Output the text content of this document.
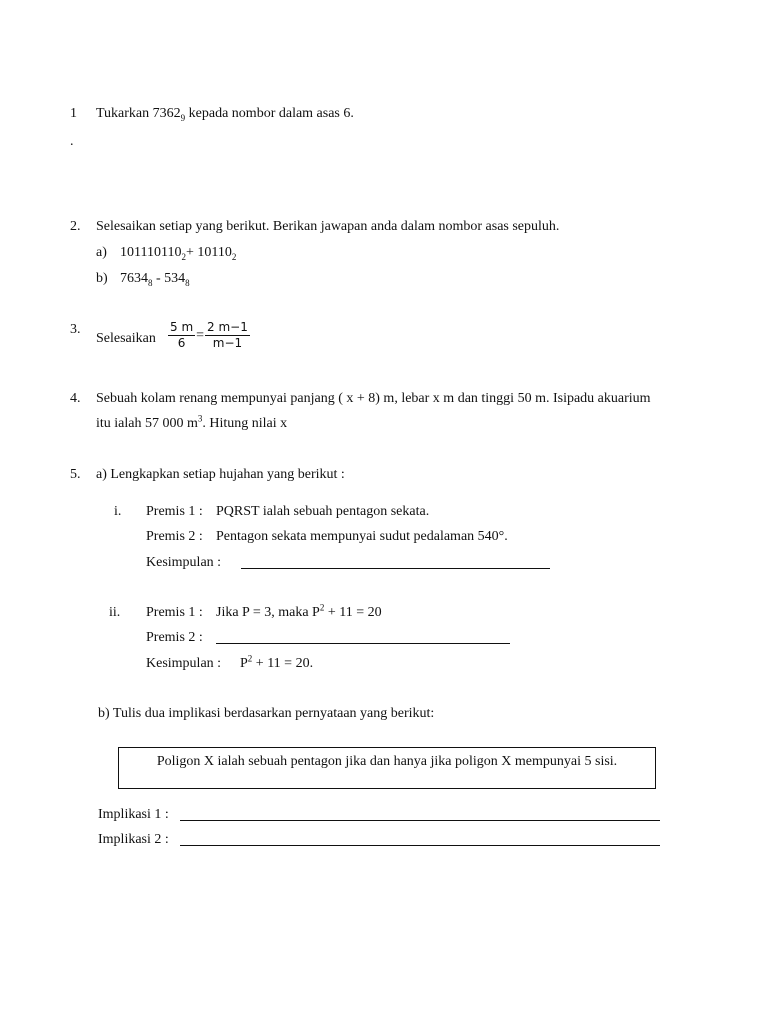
1 Tukarkan $7362_9$ kepada nombor dalam asas 6.
.
2. Selesaikan setiap yang berikut. Berikan jawapan anda dalam nombor asas sepuluh.
a) $101110110_2+ 10110_2$
b) $7634_8 - 534_8$
3.
Selesaikan $\frac{5 m}{6} = \frac{2 m-1}{m-1}$
4. Sebuah kolam renang mempunyai panjang ( x + 8) m, lebar x m dan tinggi 50 m. Isipadu akuarium
itu ialah 57 000 $m^3$. Hitung nilai x
5. a) Lengkapkan setiap hujahan yang berikut :
i. Premis 1 : PQRST ialah sebuah pentagon sekata.
Premis 2 : Pentagon sekata mempunyai sudut pedalaman 540°.
Kesimpulan :
ii. Premis 1 : Jika P = 3, maka $P^2 + 11 = 20$
Premis 2 :
Kesimpulan : $P^2 + 11 = 20$.
b) Tulis dua implikasi berdasarkan pernyataan yang berikut:
Poligon X ialah sebuah pentagon jika dan hanya jika poligon X mempunyai 5 sisi.
Implikasi 1 :
Implikasi 2 :
